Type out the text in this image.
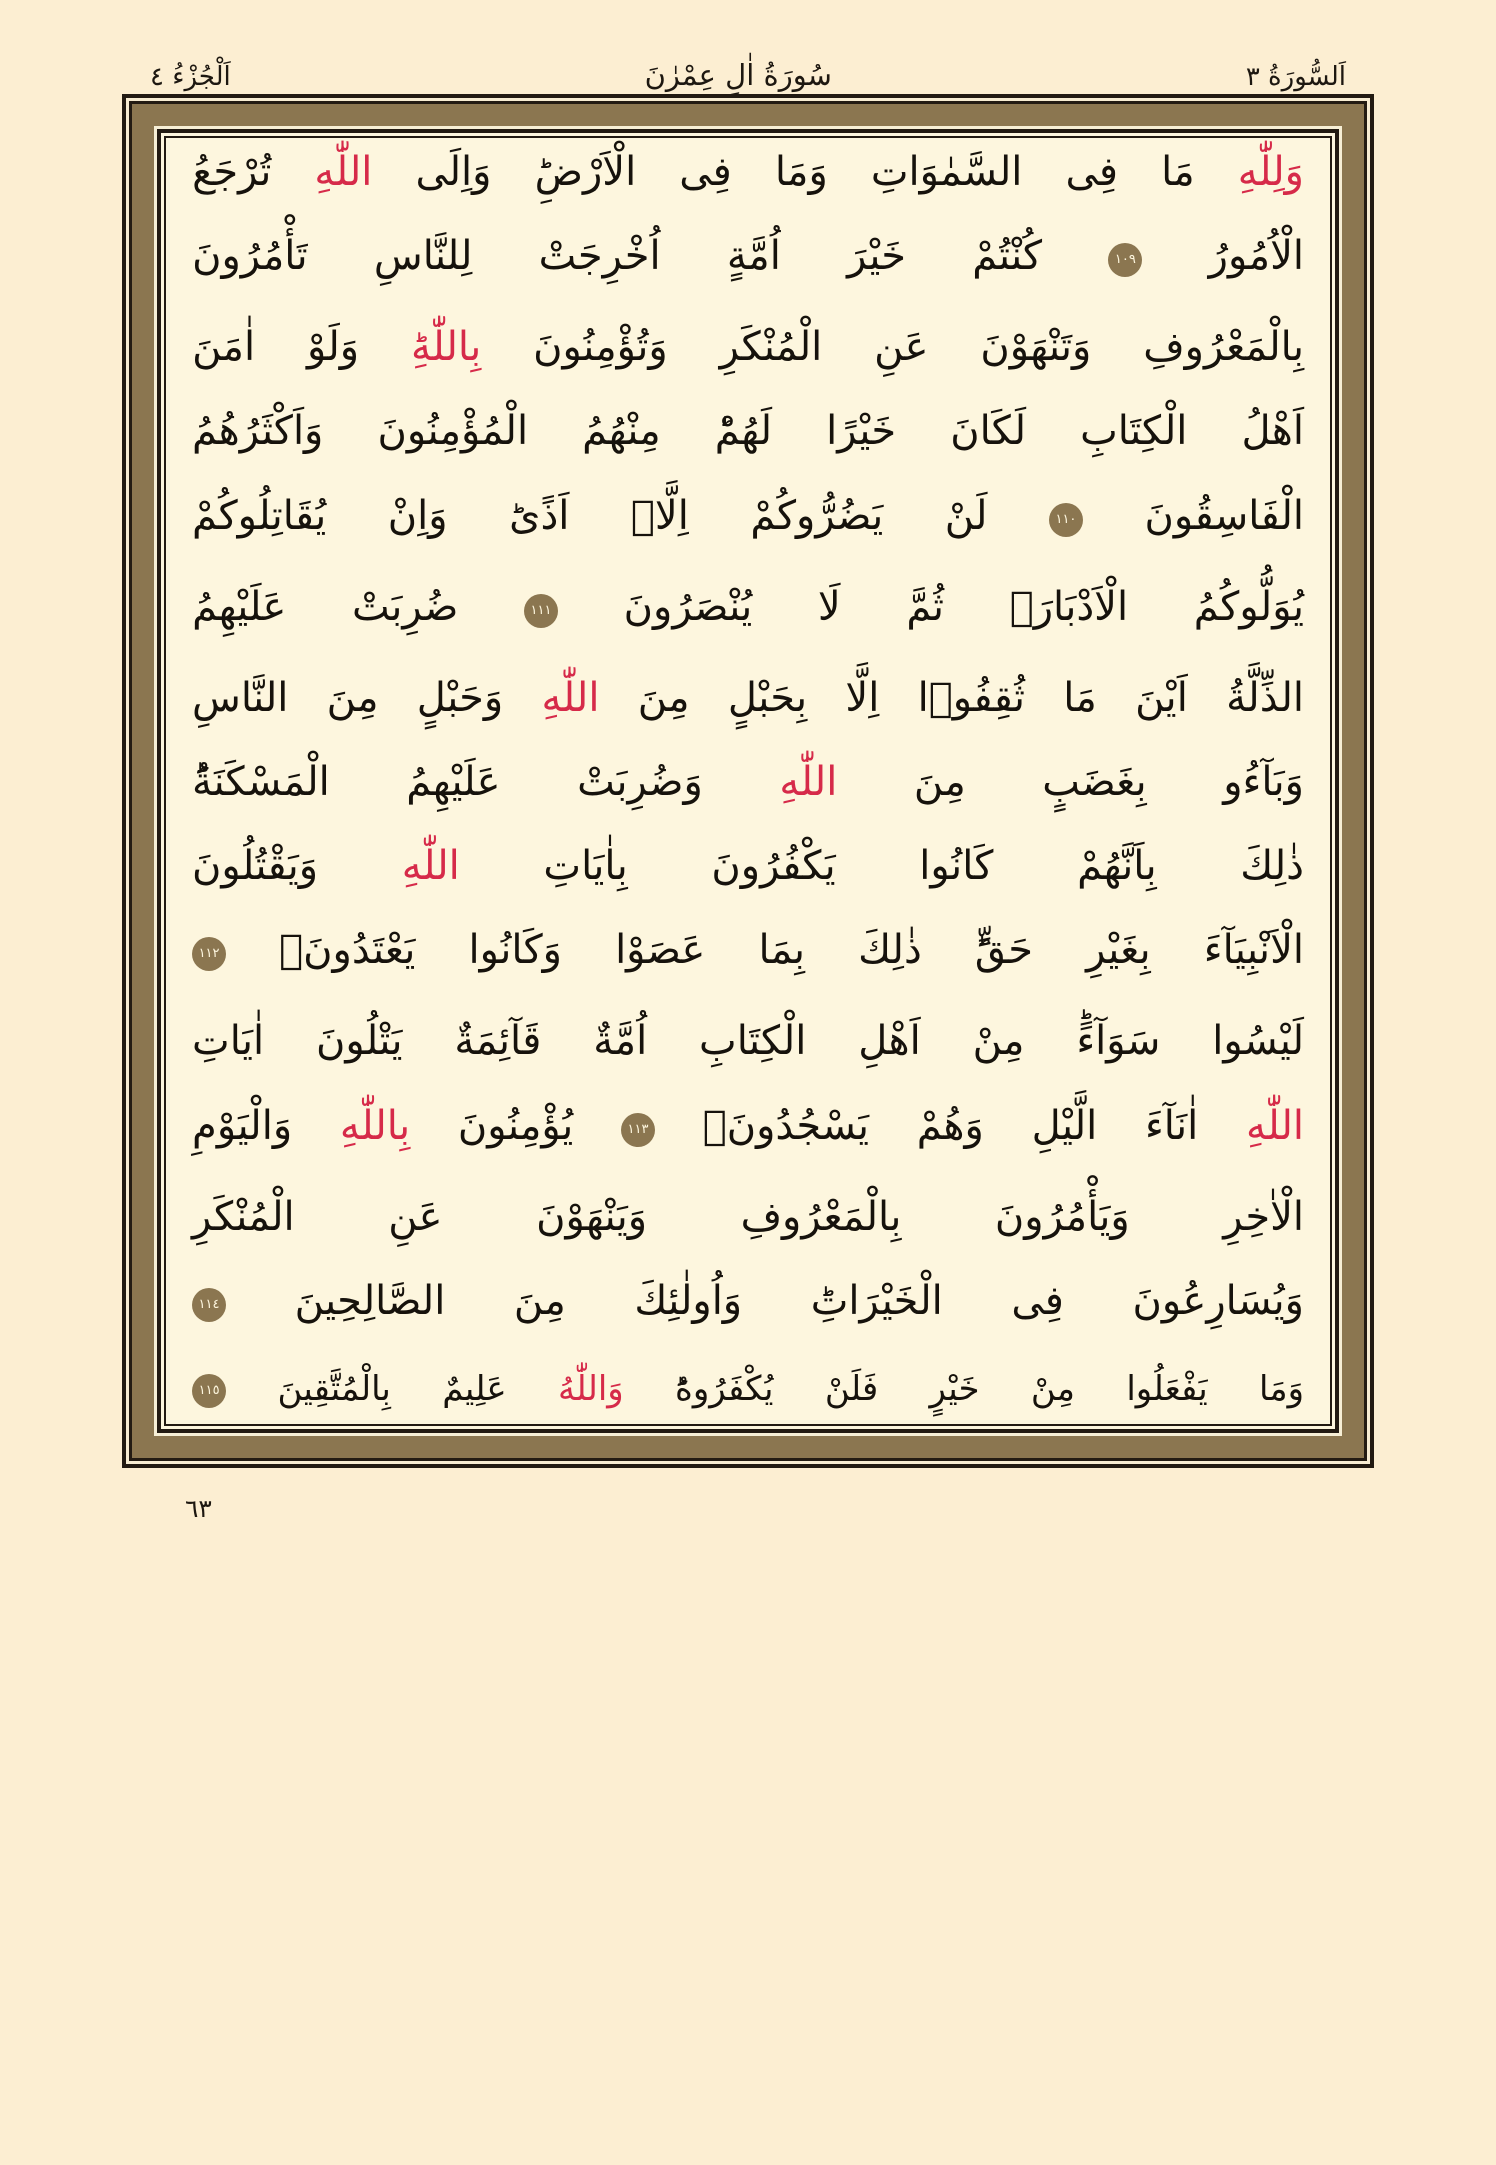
اَلسُّورَةُ ٣
سُورَةُ اٰلِ عِمْرٰنَ
اَلْجُزْءُ ٤
وَلِلّٰهِ
مَا
فِى
السَّمٰوَاتِ
وَمَا
فِى
الْاَرْضِؕ
وَاِلَى
اللّٰهِ
تُرْجَعُ
الْاُمُورُ
١٠٩
كُنْتُمْ
خَيْرَ
اُمَّةٍ
اُخْرِجَتْ
لِلنَّاسِ
تَأْمُرُونَ
بِالْمَعْرُوفِ
وَتَنْهَوْنَ
عَنِ
الْمُنْكَرِ
وَتُؤْمِنُونَ
بِاللّٰهِؕ
وَلَوْ
اٰمَنَ
اَهْلُ
الْكِتَابِ
لَكَانَ
خَيْرًا
لَهُمْؕ
مِنْهُمُ
الْمُؤْمِنُونَ
وَاَكْثَرُهُمُ
الْفَاسِقُونَ
١١٠
لَنْ
يَضُرُّوكُمْ
اِلَّاۤ
اَذًىؕ
وَاِنْ
يُقَاتِلُوكُمْ
يُوَلُّوكُمُ
الْاَدْبَارَ۠
ثُمَّ
لَا
يُنْصَرُونَ
١١١
ضُرِبَتْ
عَلَيْهِمُ
الذِّلَّةُ
اَيْنَ
مَا
ثُقِفُوۤا
اِلَّا
بِحَبْلٍ
مِنَ
اللّٰهِ
وَحَبْلٍ
مِنَ
النَّاسِ
وَبَآءُو
بِغَضَبٍ
مِنَ
اللّٰهِ
وَضُرِبَتْ
عَلَيْهِمُ
الْمَسْكَنَةُؕ
ذٰلِكَ
بِاَنَّهُمْ
كَانُوا
يَكْفُرُونَ
بِاٰيَاتِ
اللّٰهِ
وَيَقْتُلُونَ
الْاَنْبِيَآءَ
بِغَيْرِ
حَقٍّؕ
ذٰلِكَ
بِمَا
عَصَوْا
وَكَانُوا
يَعْتَدُونَ۠
١١٢
لَيْسُوا
سَوَآءًؕ
مِنْ
اَهْلِ
الْكِتَابِ
اُمَّةٌ
قَآئِمَةٌ
يَتْلُونَ
اٰيَاتِ
اللّٰهِ
اٰنَآءَ
الَّيْلِ
وَهُمْ
يَسْجُدُونَ۠
١١٣
يُؤْمِنُونَ
بِاللّٰهِ
وَالْيَوْمِ
الْاٰخِرِ
وَيَأْمُرُونَ
بِالْمَعْرُوفِ
وَيَنْهَوْنَ
عَنِ
الْمُنْكَرِ
وَيُسَارِعُونَ
فِى
الْخَيْرَاتِؕ
وَاُولٰئِكَ
مِنَ
الصَّالِحِينَ
١١٤
وَمَا
يَفْعَلُوا
مِنْ
خَيْرٍ
فَلَنْ
يُكْفَرُوهُؕ
وَاللّٰهُ
عَلِيمٌ
بِالْمُتَّقِينَ
١١٥
٦٣
